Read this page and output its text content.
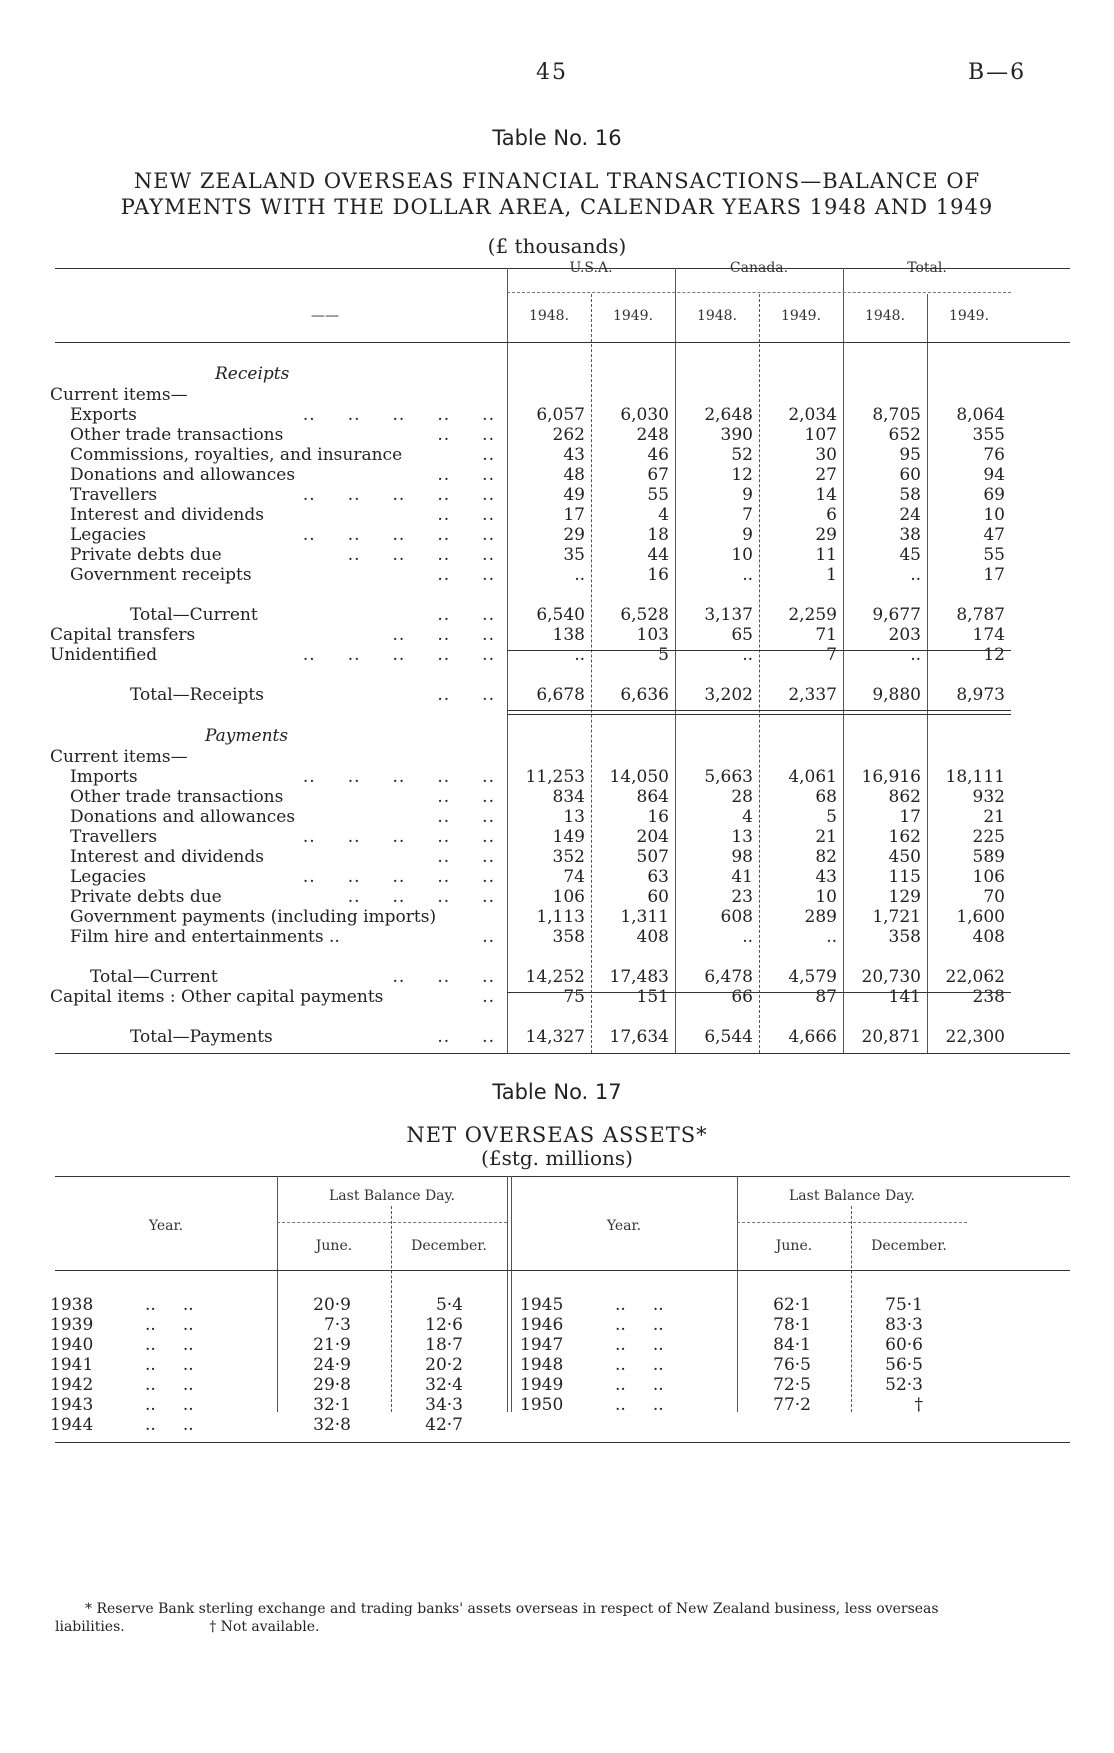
45	B—6
Table No. 16
NEW ZEALAND OVERSEAS FINANCIAL TRANSACTIONS—BALANCE OF
PAYMENTS WITH THE DOLLAR AREA, CALENDAR YEARS 1948 AND 1949
(£ thousands)
——
U.S.A.	Canada.	Total.
1948.	1949.	1948.	1949.	1948.	1949.
Receipts
Payments
Current items—
Exports	..     ..     ..     ..     ..	6,057	6,030	2,648	2,034	8,705	8,064
Other trade transactions	..     ..	262	248	390	107	652	355
Commissions, royalties, and insurance	..	43	46	52	30	95	76
Donations and allowances	..     ..	48	67	12	27	60	94
Travellers	..     ..     ..     ..     ..	49	55	9	14	58	69
Interest and dividends	..     ..	17	4	7	6	24	10
Legacies	..     ..     ..     ..     ..	29	18	9	29	38	47
Private debts due	..     ..     ..     ..	35	44	10	11	45	55
Government receipts	..     ..	..	16	..	1	..	17
Total—Current	..     ..	6,540	6,528	3,137	2,259	9,677	8,787
Capital transfers	..     ..     ..	138	103	65	71	203	174
Unidentified	..     ..     ..     ..     ..	..	5	..	7	..	12
Total—Receipts	..     ..	6,678	6,636	3,202	2,337	9,880	8,973
Current items—
Imports	..     ..     ..     ..     ..	11,253	14,050	5,663	4,061	16,916	18,111
Other trade transactions	..     ..	834	864	28	68	862	932
Donations and allowances	..     ..	13	16	4	5	17	21
Travellers	..     ..     ..     ..     ..	149	204	13	21	162	225
Interest and dividends	..     ..	352	507	98	82	450	589
Legacies	..     ..     ..     ..     ..	74	63	41	43	115	106
Private debts due	..     ..     ..     ..	106	60	23	10	129	70
Government payments (including imports)	1,113	1,311	608	289	1,721	1,600
Film hire and entertainments ..	..	358	408	..	..	358	408
Total—Current	..     ..     ..	14,252	17,483	6,478	4,579	20,730	22,062
Capital items : Other capital payments	..	75	151	66	87	141	238
Total—Payments	..     ..	14,327	17,634	6,544	4,666	20,871	22,300
Table No. 17
NET OVERSEAS ASSETS*
(£stg. millions)
Year.
Last Balance Day.
June.	December.
Year.
Last Balance Day.
June.	December.
1938	..     ..	20·9	5·4
1939	..     ..	7·3	12·6
1940	..     ..	21·9	18·7
1941	..     ..	24·9	20·2
1942	..     ..	29·8	32·4
1943	..     ..	32·1	34·3
1944	..     ..	32·8	42·7
1945	..     ..	62·1	75·1
1946	..     ..	78·1	83·3
1947	..     ..	84·1	60·6
1948	..     ..	76·5	56·5
1949	..     ..	72·5	52·3
1950	..     ..	77·2	†
* Reserve Bank sterling exchange and trading banks' assets overseas in respect of New Zealand business, less overseas
liabilities.	† Not available.
